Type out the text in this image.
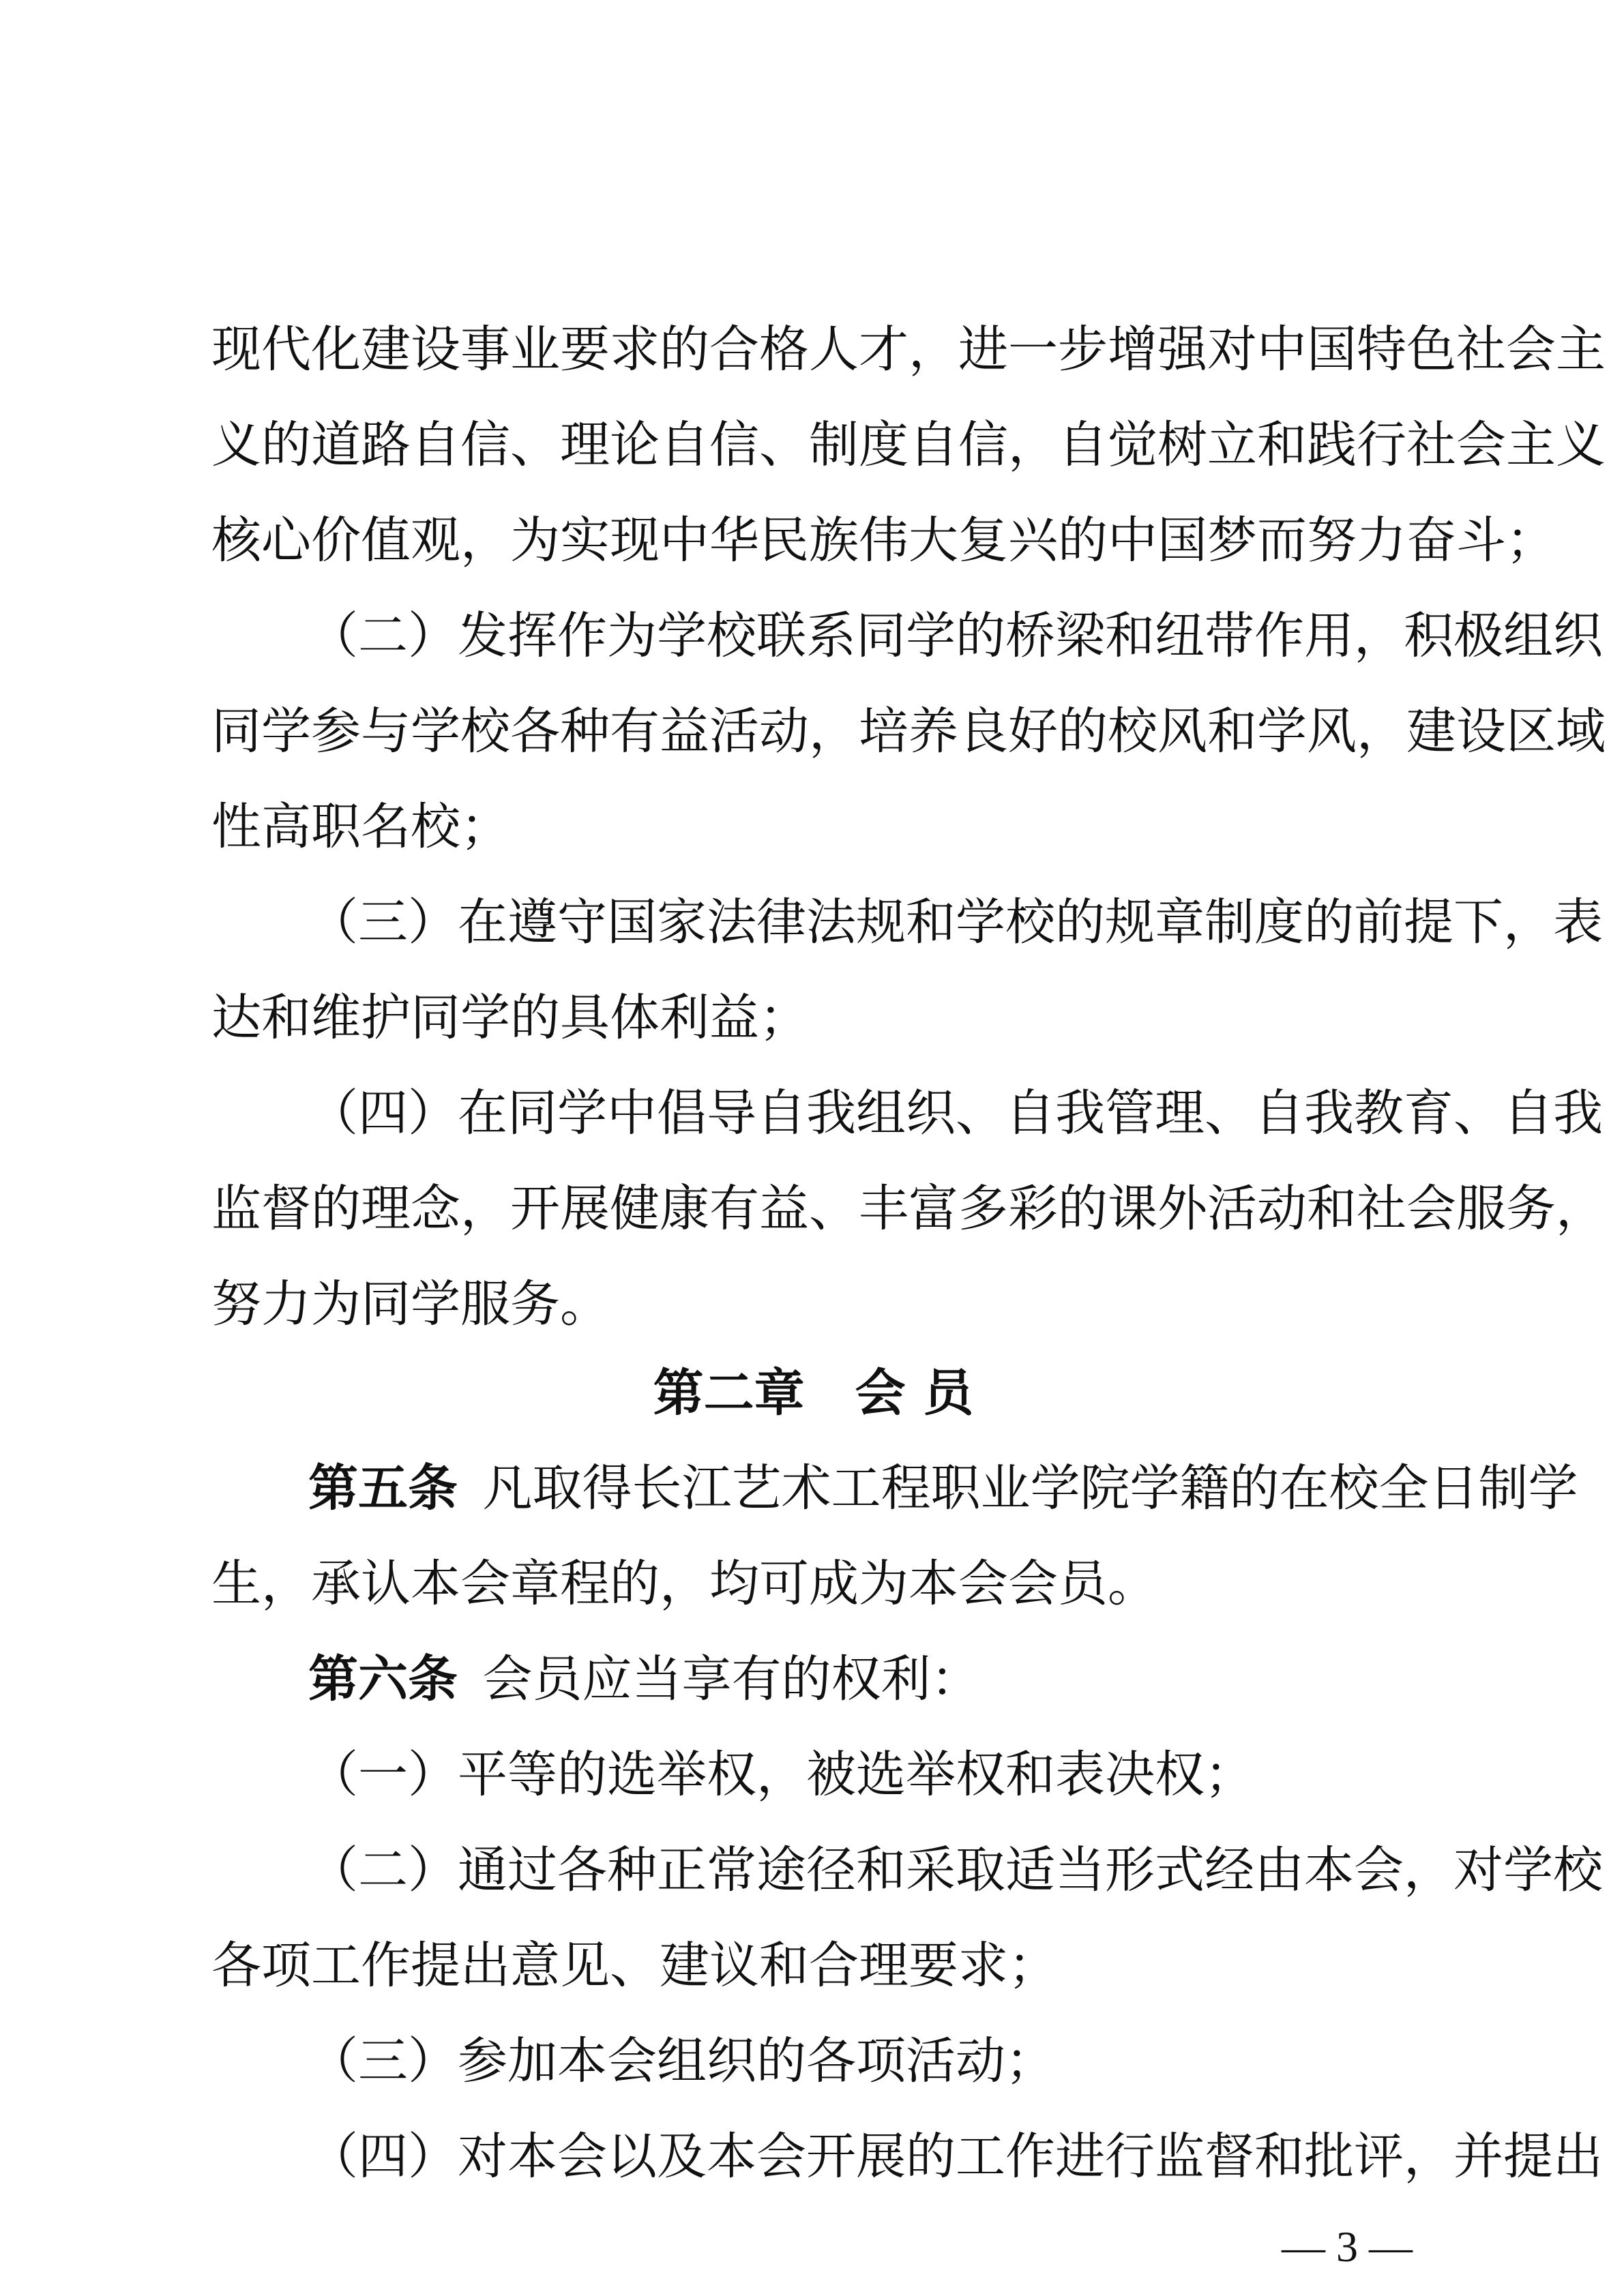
现代化建设事业要求的合格人才，进一步增强对中国特色社会主
义的道路自信、理论自信、制度自信，自觉树立和践行社会主义
核心价值观，为实现中华民族伟大复兴的中国梦而努力奋斗；
（二）发挥作为学校联系同学的桥梁和纽带作用，积极组织
同学参与学校各种有益活动，培养良好的校风和学风，建设区域
性高职名校；
（三）在遵守国家法律法规和学校的规章制度的前提下，表
达和维护同学的具体利益；
（四）在同学中倡导自我组织、自我管理、自我教育、自我
监督的理念，开展健康有益、丰富多彩的课外活动和社会服务，
努力为同学服务。
第二章　会 员
第五条  凡取得长江艺术工程职业学院学籍的在校全日制学
生，承认本会章程的，均可成为本会会员。
第六条  会员应当享有的权利：
（一）平等的选举权，被选举权和表决权；
（二）通过各种正常途径和采取适当形式经由本会，对学校
各项工作提出意见、建议和合理要求；
（三）参加本会组织的各项活动；
（四）对本会以及本会开展的工作进行监督和批评，并提出
— 3 —
